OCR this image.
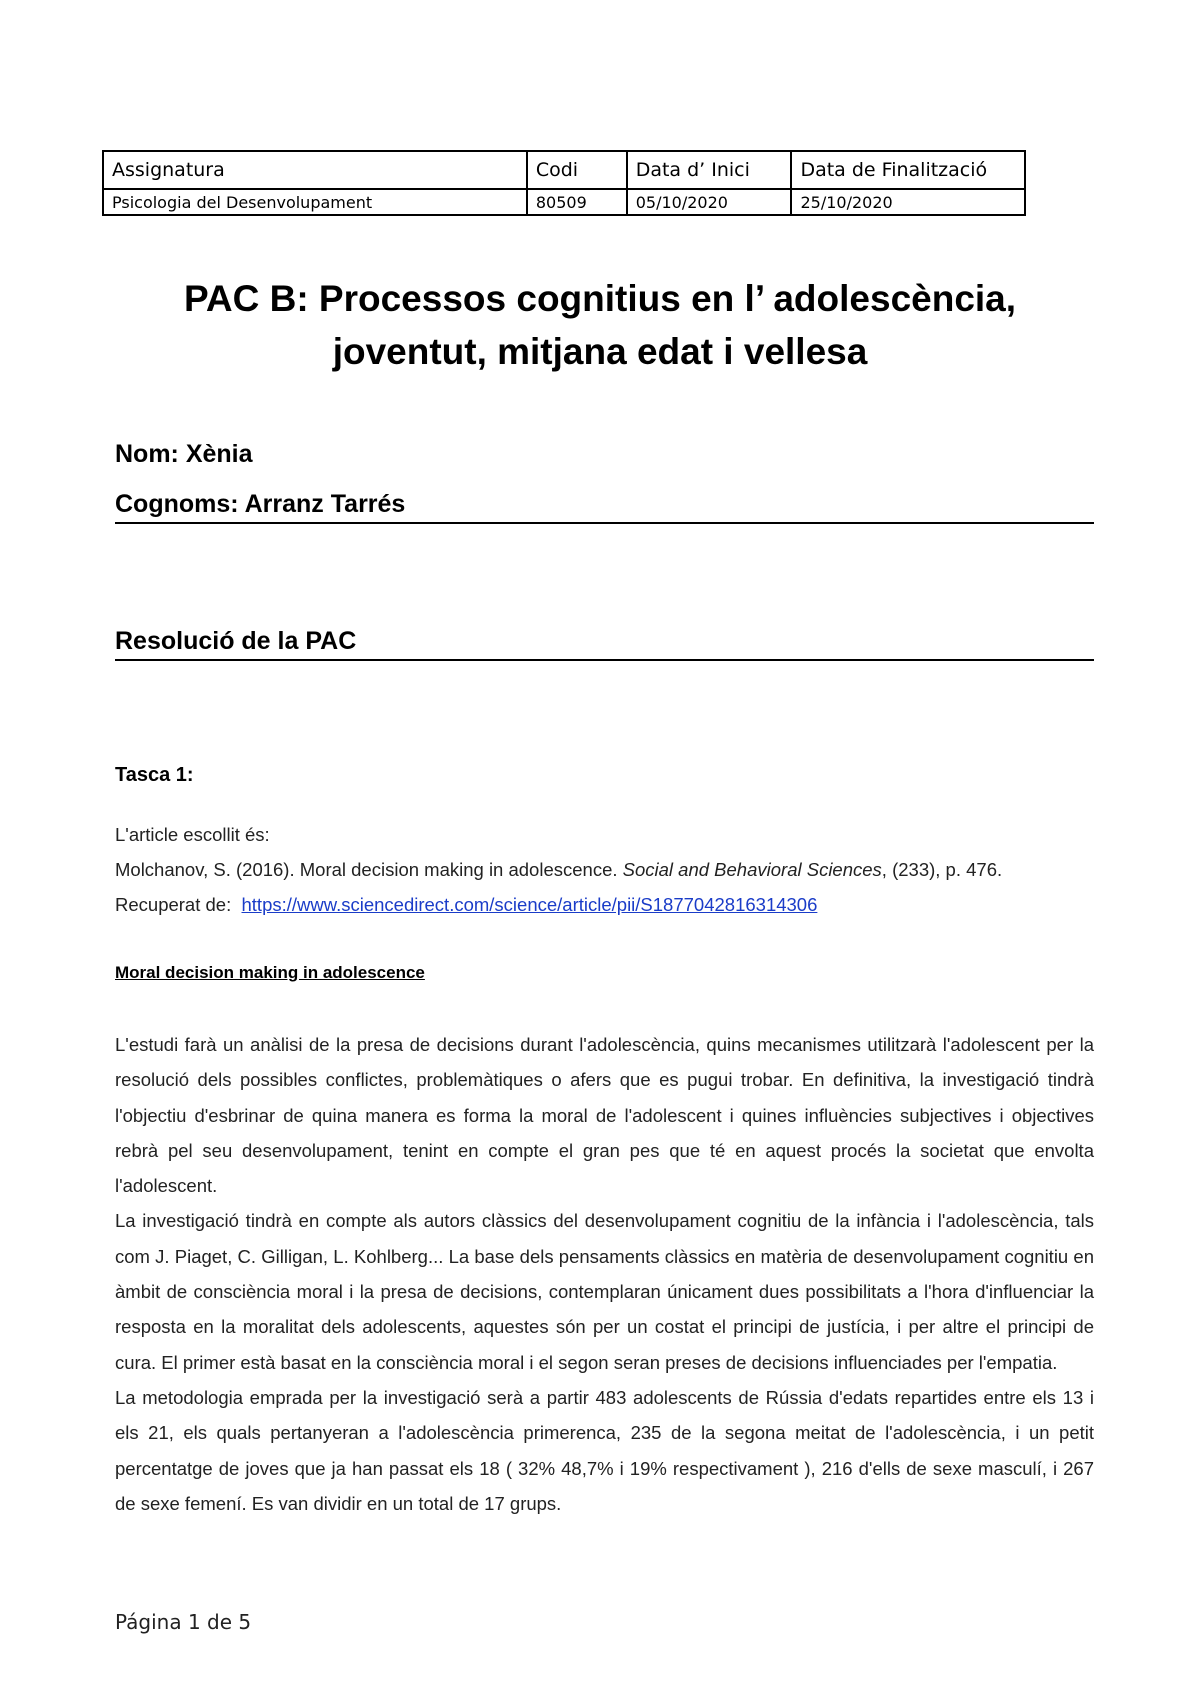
Assignatura	Codi	Data d’ Inici	Data de Finalització
Psicologia del Desenvolupament	80509	05/10/2020	25/10/2020
PAC B: Processos cognitius en l’ adolescència,
joventut, mitjana edat i vellesa
Nom: Xènia
Cognoms: Arranz Tarrés
Resolució de la PAC
Tasca 1:
L'article escollit és:
Molchanov, S. (2016). Moral decision making in adolescence. Social and Behavioral Sciences, (233), p. 476.
Recuperat de: https://www.sciencedirect.com/science/article/pii/S1877042816314306
Moral decision making in adolescence

L'estudi farà un anàlisi de la presa de decisions durant l'adolescència, quins mecanismes utilitzarà l'adolescent per la resolució dels possibles conflictes, problemàtiques o afers que es pugui trobar. En definitiva, la investigació tindrà l'objectiu d'esbrinar de quina manera es forma la moral de l'adolescent i quines influències subjectives i objectives rebrà pel seu desenvolupament, tenint en compte el gran pes que té en aquest procés la societat que envolta l'adolescent.

La investigació tindrà en compte als autors clàssics del desenvolupament cognitiu de la infància i l'adolescència, tals com J. Piaget, C. Gilligan, L. Kohlberg... La base dels pensaments clàssics en matèria de desenvolupament cognitiu en àmbit de consciència moral i la presa de decisions, contemplaran únicament dues possibilitats a l'hora d'influenciar la resposta en la moralitat dels adolescents, aquestes són per un costat el principi de justícia, i per altre el principi de cura. El primer està basat en la consciència moral i el segon seran preses de decisions influenciades per l'empatia.

La metodologia emprada per la investigació serà a partir 483 adolescents de Rússia d'edats repartides entre els 13 i els 21, els quals pertanyeran a l'adolescència primerenca, 235 de la segona meitat de l'adolescència, i un petit percentatge de joves que ja han passat els 18 ( 32% 48,7% i 19% respectivament ), 216 d'ells de sexe masculí, i 267 de sexe femení. Es van dividir en un total de 17 grups.

Página 1 de 5
